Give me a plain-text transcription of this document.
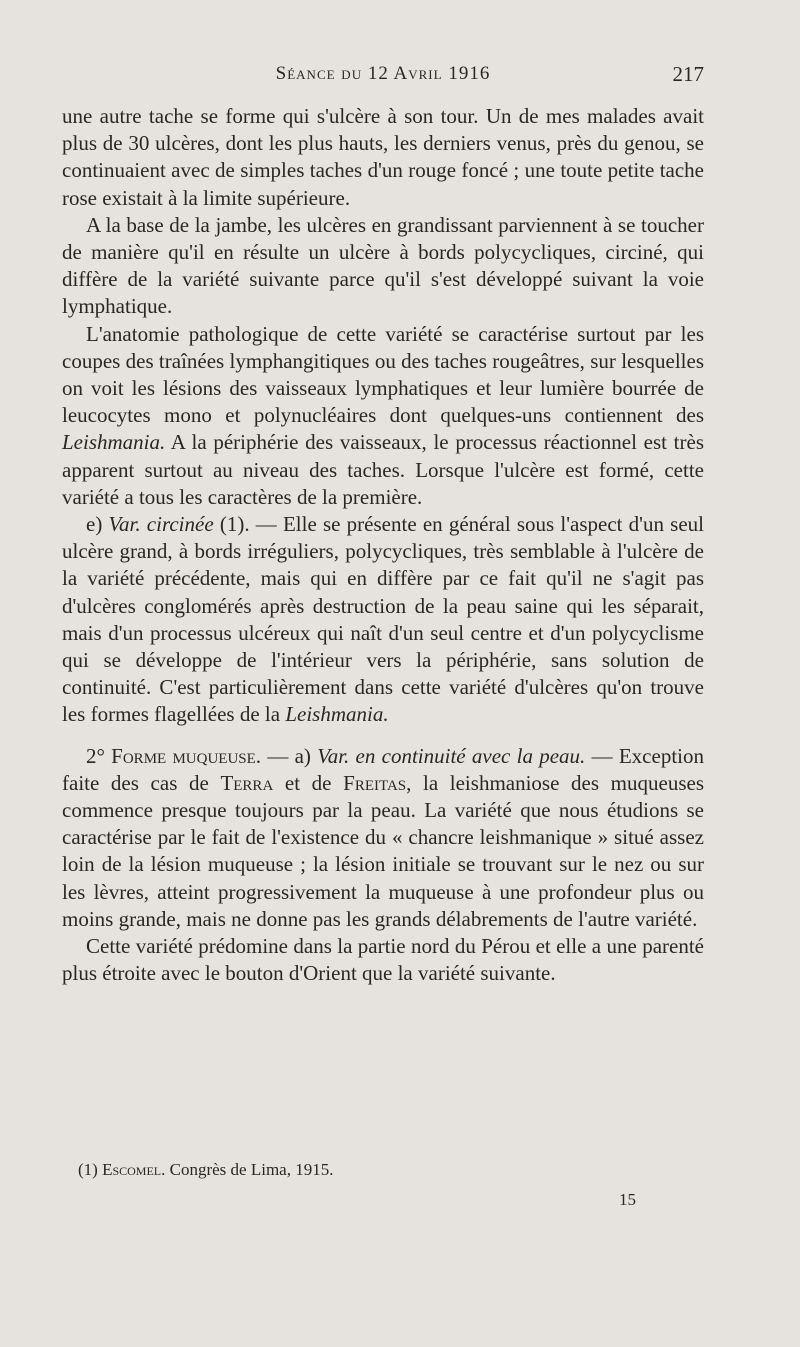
Séance du 12 Avril 1916	217

une autre tache se forme qui s'ulcère à son tour. Un de mes malades avait plus de 30 ulcères, dont les plus hauts, les derniers venus, près du genou, se continuaient avec de simples taches d'un rouge foncé ; une toute petite tache rose existait à la limite supérieure.

A la base de la jambe, les ulcères en grandissant parviennent à se toucher de manière qu'il en résulte un ulcère à bords polycycliques, circiné, qui diffère de la variété suivante parce qu'il s'est développé suivant la voie lymphatique.

L'anatomie pathologique de cette variété se caractérise surtout par les coupes des traînées lymphangitiques ou des taches rougeâtres, sur lesquelles on voit les lésions des vaisseaux lymphatiques et leur lumière bourrée de leucocytes mono et polynucléaires dont quelques-uns contiennent des Leishmania. A la périphérie des vaisseaux, le processus réactionnel est très apparent surtout au niveau des taches. Lorsque l'ulcère est formé, cette variété a tous les caractères de la première.

e) Var. circinée (1). — Elle se présente en général sous l'aspect d'un seul ulcère grand, à bords irréguliers, polycycliques, très semblable à l'ulcère de la variété précédente, mais qui en diffère par ce fait qu'il ne s'agit pas d'ulcères conglomérés après destruction de la peau saine qui les séparait, mais d'un processus ulcéreux qui naît d'un seul centre et d'un polycyclisme qui se développe de l'intérieur vers la périphérie, sans solution de continuité. C'est particulièrement dans cette variété d'ulcères qu'on trouve les formes flagellées de la Leishmania.

2° Forme muqueuse. — a) Var. en continuité avec la peau. — Exception faite des cas de Terra et de Freitas, la leishmaniose des muqueuses commence presque toujours par la peau. La variété que nous étudions se caractérise par le fait de l'existence du « chancre leishmanique » situé assez loin de la lésion muqueuse ; la lésion initiale se trouvant sur le nez ou sur les lèvres, atteint progressivement la muqueuse à une profondeur plus ou moins grande, mais ne donne pas les grands délabrements de l'autre variété.

Cette variété prédomine dans la partie nord du Pérou et elle a une parenté plus étroite avec le bouton d'Orient que la variété suivante.

(1) Escomel. Congrès de Lima, 1915.
15
